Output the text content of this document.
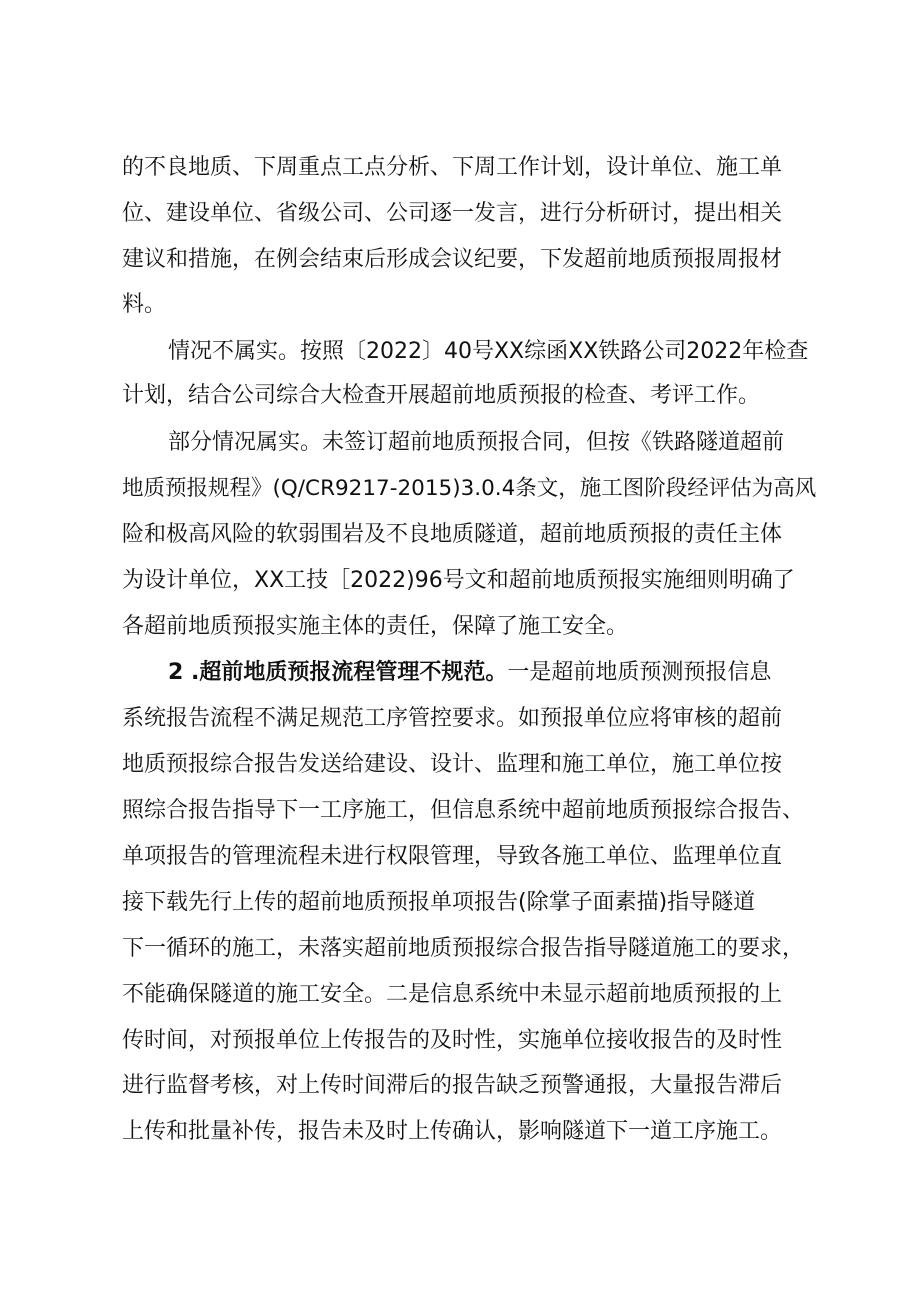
的不良地质、下周重点工点分析、下周工作计划，设计单位、施工单
位、建设单位、省级公司、公司逐一发言，进行分析研讨，提出相关
建议和措施，在例会结束后形成会议纪要，下发超前地质预报周报材
料。
情况不属实。按照〔2022〕40号XX综函XX铁路公司2022年检查
计划，结合公司综合大检查开展超前地质预报的检查、考评工作。
部分情况属实。未签订超前地质预报合同，但按《铁路隧道超前
地质预报规程》(Q/CR9217-2015)3.0.4条文，施工图阶段经评估为高风
险和极高风险的软弱围岩及不良地质隧道，超前地质预报的责任主体
为设计单位，XX工技［2022)96号文和超前地质预报实施细则明确了
各超前地质预报实施主体的责任，保障了施工安全。
2 .超前地质预报流程管理不规范。一是超前地质预测预报信息
系统报告流程不满足规范工序管控要求。如预报单位应将审核的超前
地质预报综合报告发送给建设、设计、监理和施工单位，施工单位按
照综合报告指导下一工序施工，但信息系统中超前地质预报综合报告、
单项报告的管理流程未进行权限管理，导致各施工单位、监理单位直
接下载先行上传的超前地质预报单项报告(除掌子面素描)指导隧道
下一循环的施工，未落实超前地质预报综合报告指导隧道施工的要求，
不能确保隧道的施工安全。二是信息系统中未显示超前地质预报的上
传时间，对预报单位上传报告的及时性，实施单位接收报告的及时性
进行监督考核，对上传时间滞后的报告缺乏预警通报，大量报告滞后
上传和批量补传，报告未及时上传确认，影响隧道下一道工序施工。
